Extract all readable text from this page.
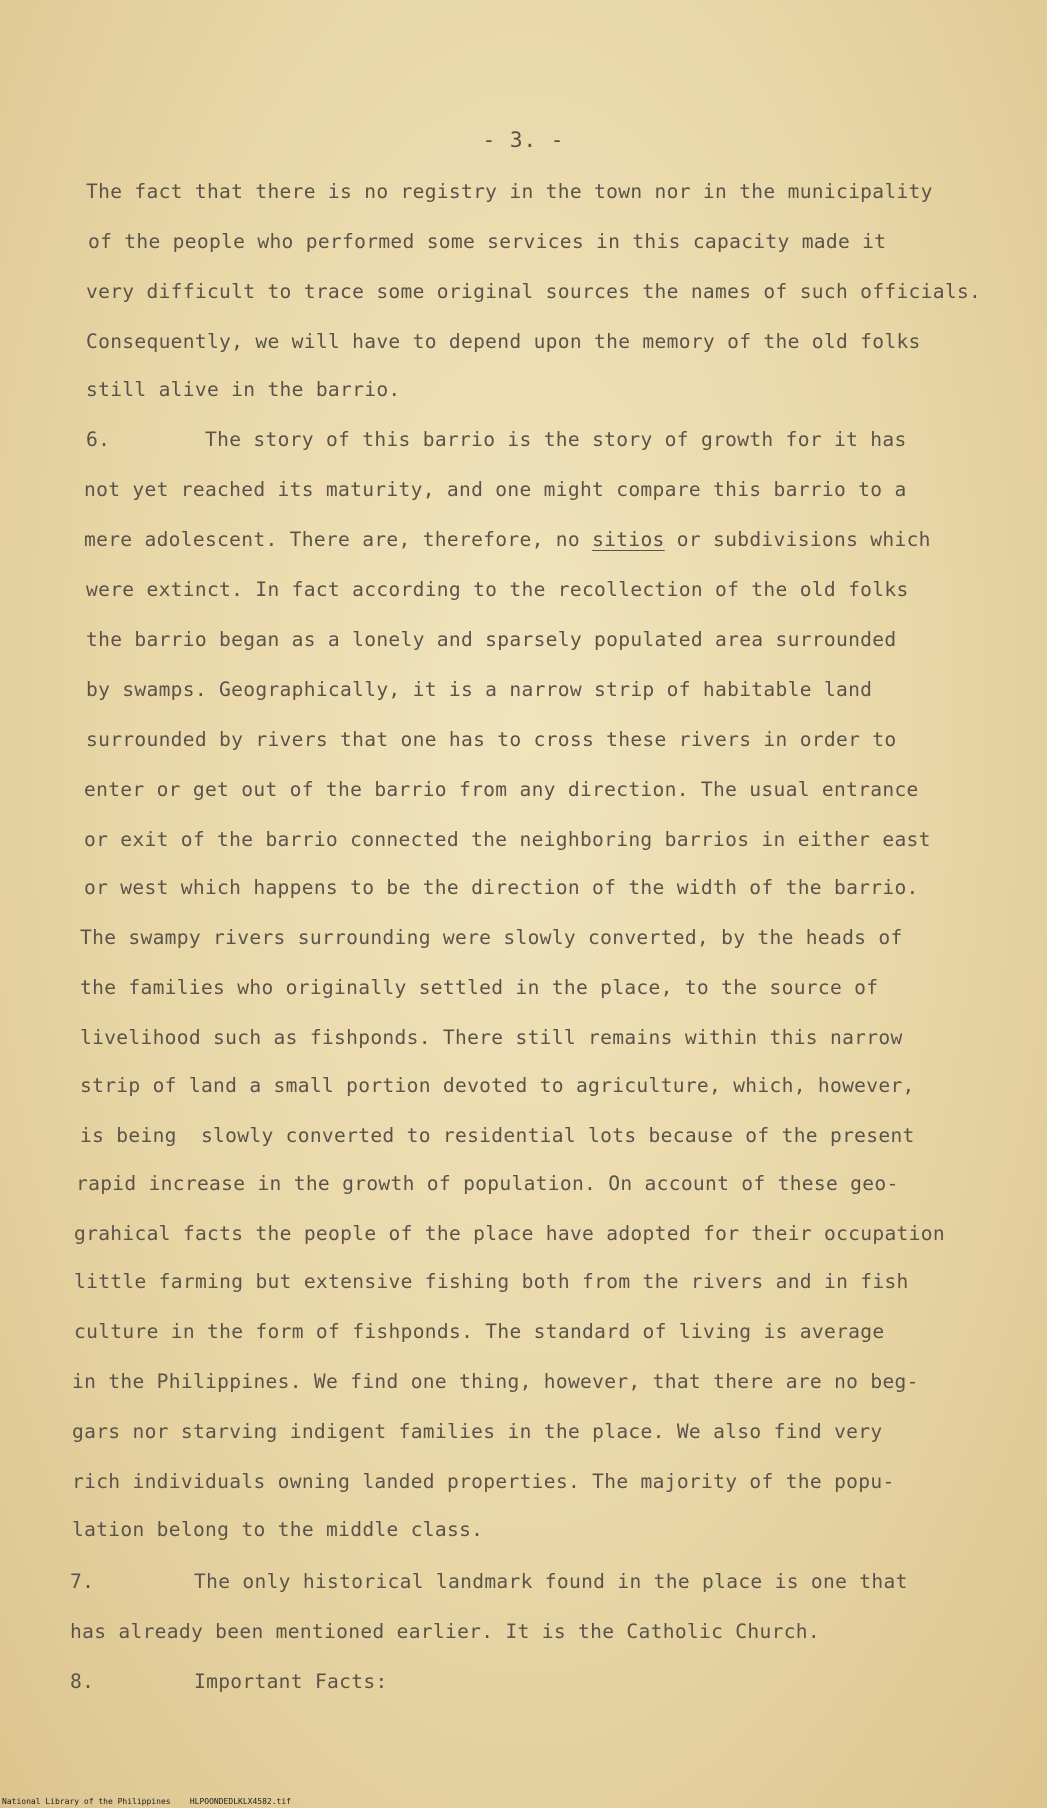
- 3. -
The fact that there is no registry in the town nor in the municipality
of the people who performed some services in this capacity made it
very difficult to trace some original sources the names of such officials.
Consequently, we will have to depend upon the memory of the old folks
still alive in the barrio.
6.	The story of this barrio is the story of growth for it has
not yet reached its maturity, and one might compare this barrio to a
mere adolescent. There are, therefore, no sitios or subdivisions which
were extinct. In fact according to the recollection of the old folks
the barrio began as a lonely and sparsely populated area surrounded
by swamps. Geographically, it is a narrow strip of habitable land
surrounded by rivers that one has to cross these rivers in order to
enter or get out of the barrio from any direction. The usual entrance
or exit of the barrio connected the neighboring barrios in either east
or west which happens to be the direction of the width of the barrio.
The swampy rivers surrounding were slowly converted, by the heads of
the families who originally settled in the place, to the source of
livelihood such as fishponds. There still remains within this narrow
strip of land a small portion devoted to agriculture, which, however,
is being  slowly converted to residential lots because of the present
rapid increase in the growth of population. On account of these geo-
grahical facts the people of the place have adopted for their occupation
little farming but extensive fishing both from the rivers and in fish
culture in the form of fishponds. The standard of living is average
in the Philippines. We find one thing, however, that there are no beg-
gars nor starving indigent families in the place. We also find very
rich individuals owning landed properties. The majority of the popu-
lation belong to the middle class.
7.	The only historical landmark found in the place is one that
has already been mentioned earlier. It is the Catholic Church.
8.	Important Facts:
National Library of the Philippines    HLPOONDEDLKLX4582.tif
